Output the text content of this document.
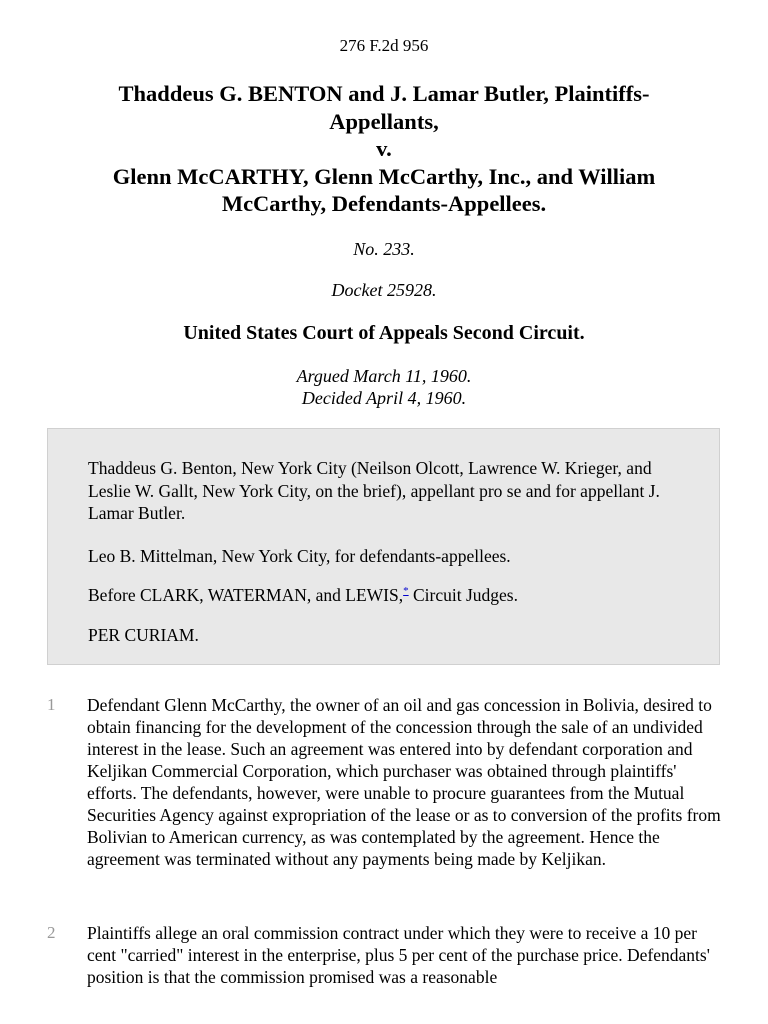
276 F.2d 956
Thaddeus G. BENTON and J. Lamar Butler, Plaintiffs-
Appellants,
v.
Glenn McCARTHY, Glenn McCarthy, Inc., and William
McCarthy, Defendants-Appellees.
No. 233.
Docket 25928.
United States Court of Appeals Second Circuit.
Argued March 11, 1960.
Decided April 4, 1960.

Thaddeus G. Benton, New York City (Neilson Olcott, Lawrence W. Krieger, and Leslie W. Gallt, New York City, on the brief), appellant pro se and for appellant J. Lamar Butler.

Leo B. Mittelman, New York City, for defendants-appellees.

Before CLARK, WATERMAN, and LEWIS,* Circuit Judges.

PER CURIAM.

1	Defendant Glenn McCarthy, the owner of an oil and gas concession in Bolivia, desired to obtain financing for the development of the concession through the sale of an undivided interest in the lease. Such an agreement was entered into by defendant corporation and Keljikan Commercial Corporation, which purchaser was obtained through plaintiffs' efforts. The defendants, however, were unable to procure guarantees from the Mutual Securities Agency against expropriation of the lease or as to conversion of the profits from Bolivian to American currency, as was contemplated by the agreement. Hence the agreement was terminated without any payments being made by Keljikan.

2	Plaintiffs allege an oral commission contract under which they were to receive a 10 per cent "carried" interest in the enterprise, plus 5 per cent of the purchase price. Defendants' position is that the commission promised was a reasonable
